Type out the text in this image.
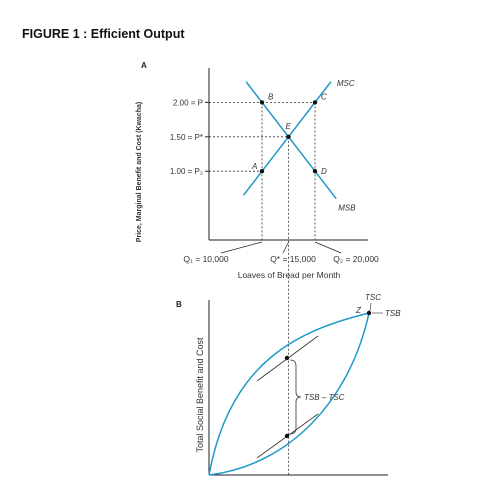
FIGURE 1 : Efficient Output
A
Price, Marginal Benefit and Cost (Kwacha)	2.00 = P
1.50 = P*
1.00 = P₂
MSC
MSB
B	C
E
A
D
Q₁ = 10,000	Q* = 15,000 Q₂ = 20,000
Loaves of Bread per Month
B
Total Social Benefit and Cost	TSB – TSC
TSC
TSB
Z
